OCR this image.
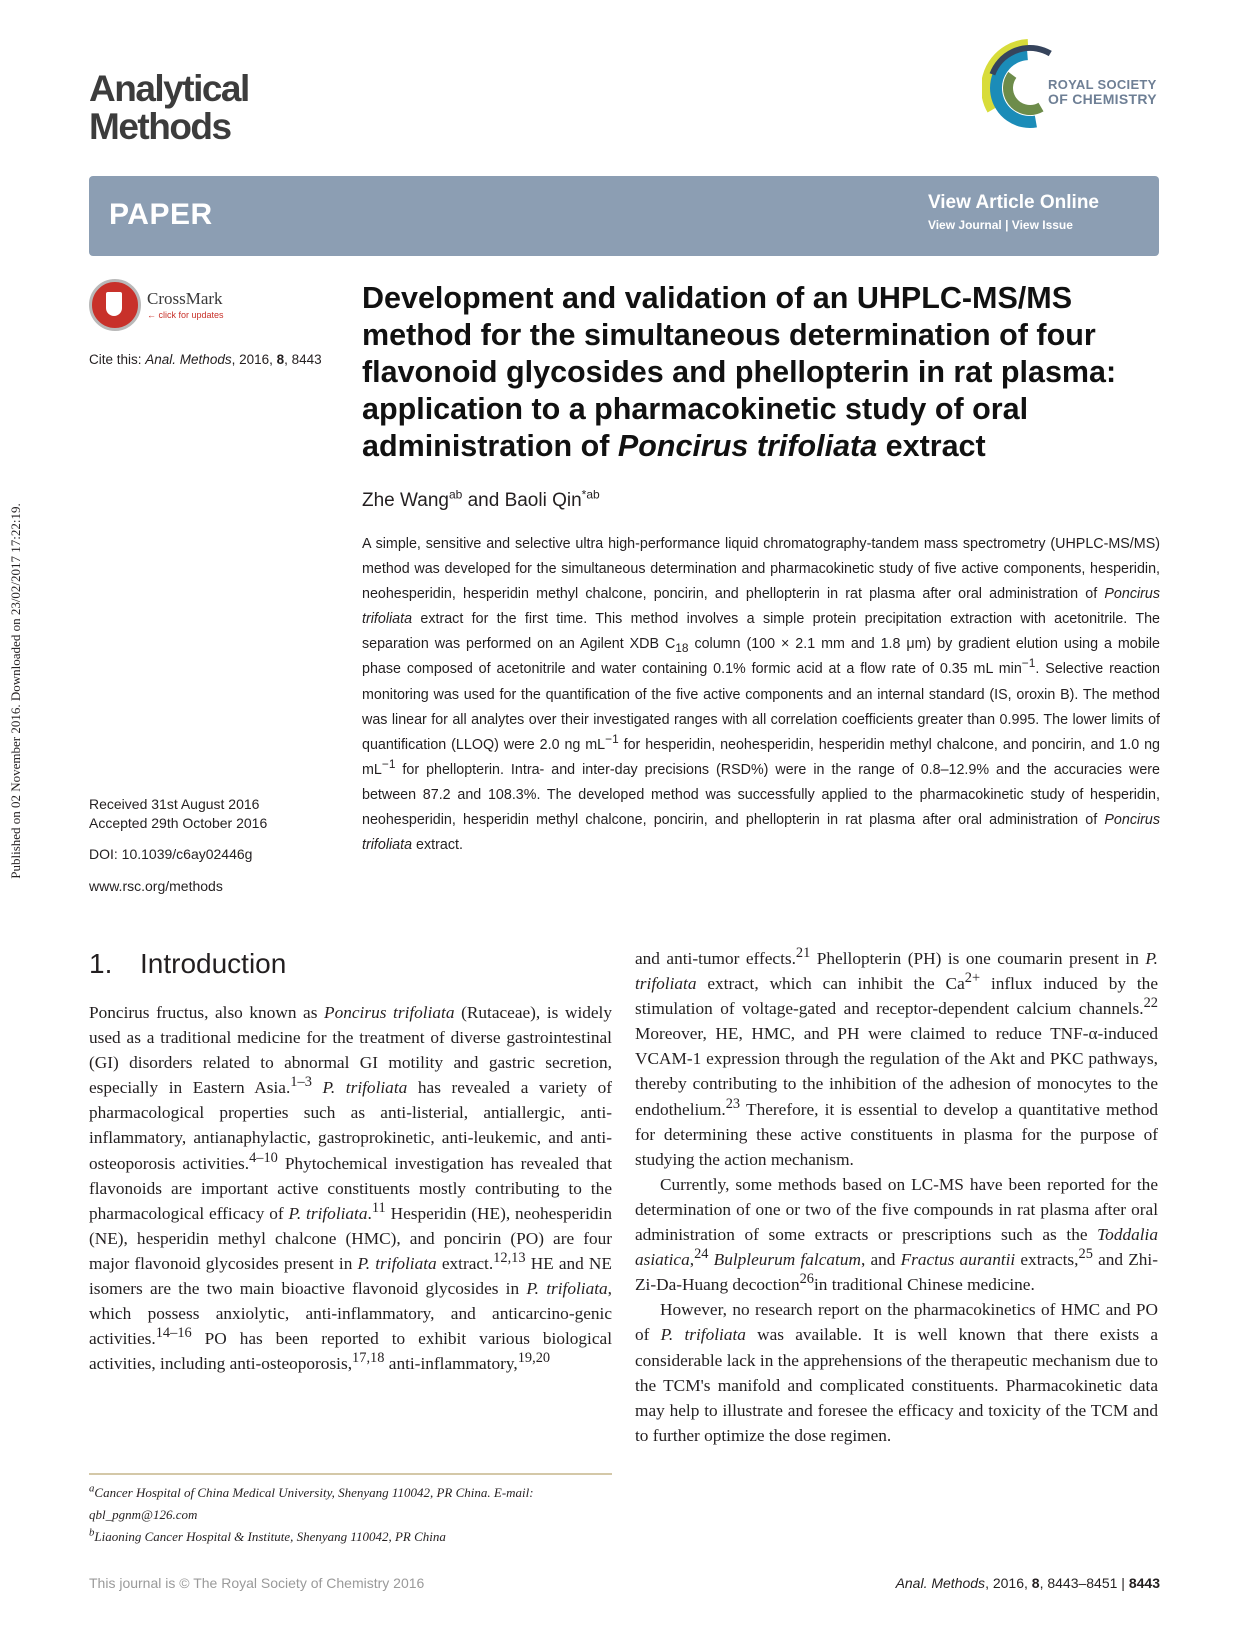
Published on 02 November 2016. Downloaded on 23/02/2017 17:22:19.
Analytical
Methods
ROYAL SOCIETY
OF CHEMISTRY
PAPER	View Article Online
View Journal | View Issue
CrossMark
← click for updates
Cite this: Anal. Methods, 2016, 8, 8443
Received 31st August 2016
Accepted 29th October 2016
DOI: 10.1039/c6ay02446g
www.rsc.org/methods
Development and validation of an UHPLC-MS/MS
method for the simultaneous determination of four
flavonoid glycosides and phellopterin in rat plasma:
application to a pharmacokinetic study of oral
administration of Poncirus trifoliata extract
Zhe Wang$^{ab}$ and Baoli Qin$^{*ab}$
A simple, sensitive and selective ultra high-performance liquid chromatography-tandem mass spectrometry (UHPLC-MS/MS) method was developed for the simultaneous determination and pharmacokinetic study of five active components, hesperidin, neohesperidin, hesperidin methyl chalcone, poncirin, and phellopterin in rat plasma after oral administration of Poncirus trifoliata extract for the first time. This method involves a simple protein precipitation extraction with acetonitrile. The separation was performed on an Agilent XDB $C_{18}$ column (100 × 2.1 mm and 1.8 μm) by gradient elution using a mobile phase composed of acetonitrile and water containing 0.1% formic acid at a flow rate of 0.35 mL $\min^{-1}$. Selective reaction monitoring was used for the quantification of the five active components and an internal standard (IS, oroxin B). The method was linear for all analytes over their investigated ranges with all correlation coefficients greater than 0.995. The lower limits of quantification (LLOQ) were 2.0 ng $mL^{-1}$ for hesperidin, neohesperidin, hesperidin methyl chalcone, and poncirin, and 1.0 ng $mL^{-1}$ for phellopterin. Intra- and inter-day precisions (RSD%) were in the range of 0.8–12.9% and the accuracies were between 87.2 and 108.3%. The developed method was successfully applied to the pharmacokinetic study of hesperidin, neohesperidin, hesperidin methyl chalcone, poncirin, and phellopterin in rat plasma after oral administration of Poncirus trifoliata extract.
1. Introduction

Poncirus fructus, also known as Poncirus trifoliata (Rutaceae), is widely used as a traditional medicine for the treatment of diverse gastrointestinal (GI) disorders related to abnormal GI motility and gastric secretion, especially in Eastern Asia.$^{1-3}$ P. trifoliata has revealed a variety of pharmacological properties such as anti-listerial, antiallergic, anti-inflammatory, antianaphylactic, gastroprokinetic, anti-leukemic, and anti-osteoporosis activities.$^{4-10}$ Phytochemical investigation has revealed that flavonoids are important active constituents mostly contributing to the pharmacological efficacy of P. trifoliata.$^{11}$ Hesperidin (HE), neohesperidin (NE), hesperidin methyl chalcone (HMC), and poncirin (PO) are four major flavonoid glycosides present in P. trifoliata extract.$^{12,13}$ HE and NE isomers are the two main bioactive flavonoid glycosides in P. trifoliata, which possess anxiolytic, anti-inflammatory, and anticarcino-genic activities.$^{14-16}$ PO has been reported to exhibit various biological activities, including anti-osteoporosis,$^{17,18}$ anti-inflammatory,$^{19,20}$

and anti-tumor effects.$^{21}$ Phellopterin (PH) is one coumarin present in P. trifoliata extract, which can inhibit the $Ca^{2+}$ influx induced by the stimulation of voltage-gated and receptor-dependent calcium channels.$^{22}$ Moreover, HE, HMC, and PH were claimed to reduce TNF-α-induced VCAM-1 expression through the regulation of the Akt and PKC pathways, thereby contributing to the inhibition of the adhesion of monocytes to the endothelium.$^{23}$ Therefore, it is essential to develop a quantitative method for determining these active constituents in plasma for the purpose of studying the action mechanism.

Currently, some methods based on LC-MS have been reported for the determination of one or two of the five compounds in rat plasma after oral administration of some extracts or prescriptions such as the Toddalia asiatica,$^{24}$ Bulpleurum falcatum, and Fractus aurantii extracts,$^{25}$ and Zhi-Zi-Da-Huang decoction$^{26}$in traditional Chinese medicine.

However, no research report on the pharmacokinetics of HMC and PO of P. trifoliata was available. It is well known that there exists a considerable lack in the apprehensions of the therapeutic mechanism due to the TCM's manifold and complicated constituents. Pharmacokinetic data may help to illustrate and foresee the efficacy and toxicity of the TCM and to further optimize the dose regimen.

$^a$Cancer Hospital of China Medical University, Shenyang 110042, PR China. E-mail: qbl_pgnm@126.com

$^b$Liaoning Cancer Hospital & Institute, Shenyang 110042, PR China

This journal is © The Royal Society of Chemistry 2016	Anal. Methods, 2016, 8, 8443–8451 | 8443
